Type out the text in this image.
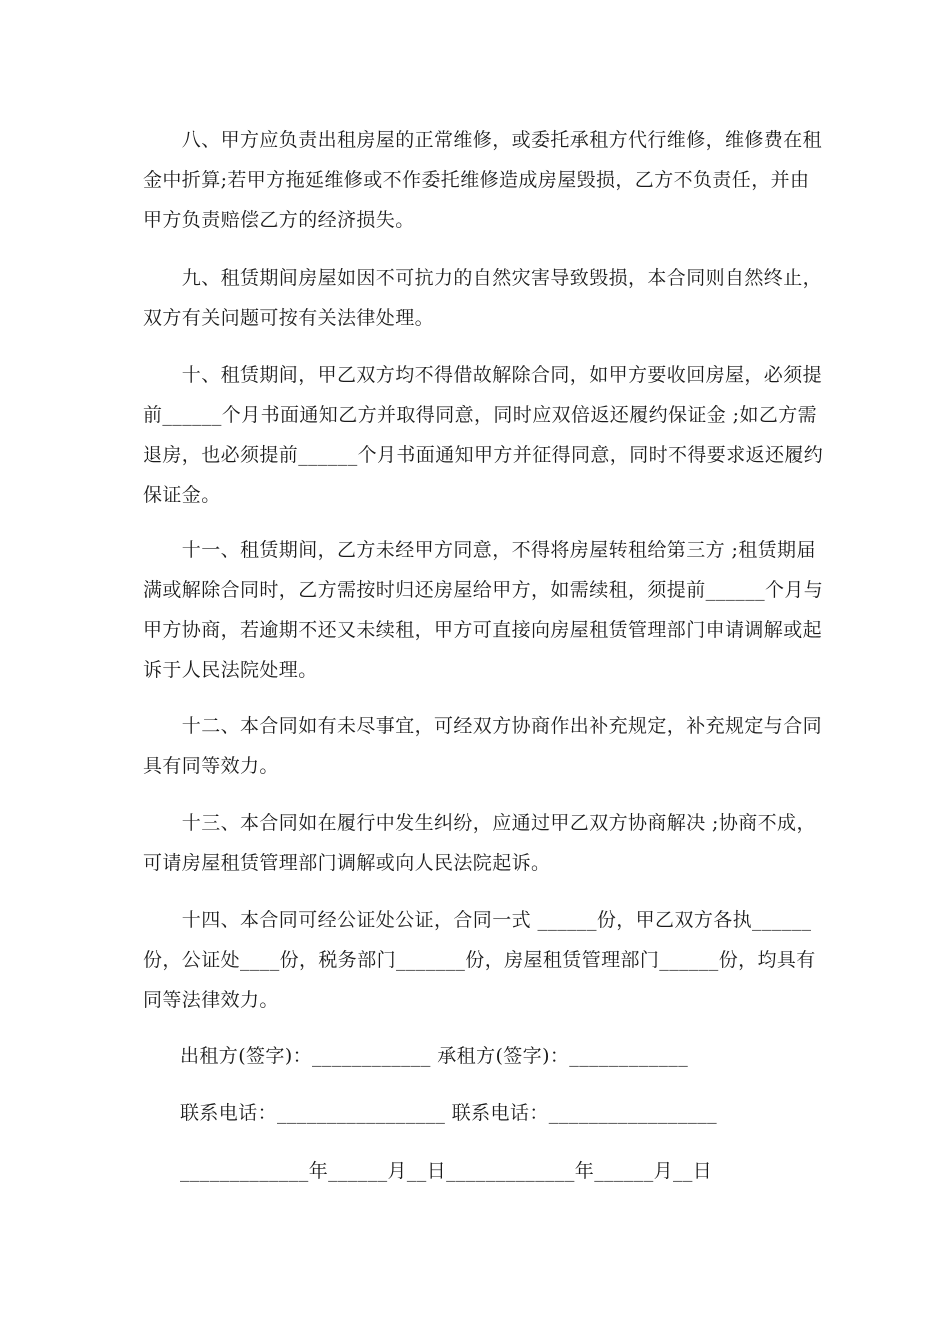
　　八、甲方应负责出租房屋的正常维修，或委托承租方代行维修，维修费在租
金中折算;若甲方拖延维修或不作委托维修造成房屋毁损，乙方不负责任，并由
甲方负责赔偿乙方的经济损失。
　　九、租赁期间房屋如因不可抗力的自然灾害导致毁损，本合同则自然终止，
双方有关问题可按有关法律处理。
　　十、租赁期间，甲乙双方均不得借故解除合同，如甲方要收回房屋，必须提
前______个月书面通知乙方并取得同意，同时应双倍返还履约保证金 ;如乙方需
退房，也必须提前______个月书面通知甲方并征得同意，同时不得要求返还履约
保证金。
　　十一、租赁期间，乙方未经甲方同意，不得将房屋转租给第三方 ;租赁期届
满或解除合同时，乙方需按时归还房屋给甲方，如需续租，须提前______个月与
甲方协商，若逾期不还又未续租，甲方可直接向房屋租赁管理部门申请调解或起
诉于人民法院处理。
　　十二、本合同如有未尽事宜，可经双方协商作出补充规定，补充规定与合同
具有同等效力。
　　十三、本合同如在履行中发生纠纷，应通过甲乙双方协商解决 ;协商不成，
可请房屋租赁管理部门调解或向人民法院起诉。
　　十四、本合同可经公证处公证，合同一式 ______份，甲乙双方各执______
份，公证处____份，税务部门_______份，房屋租赁管理部门______份，均具有
同等法律效力。
出租方(签字)：____________ 承租方(签字)：____________
联系电话：_________________ 联系电话：_________________
_____________年______月__日_____________年______月__日
